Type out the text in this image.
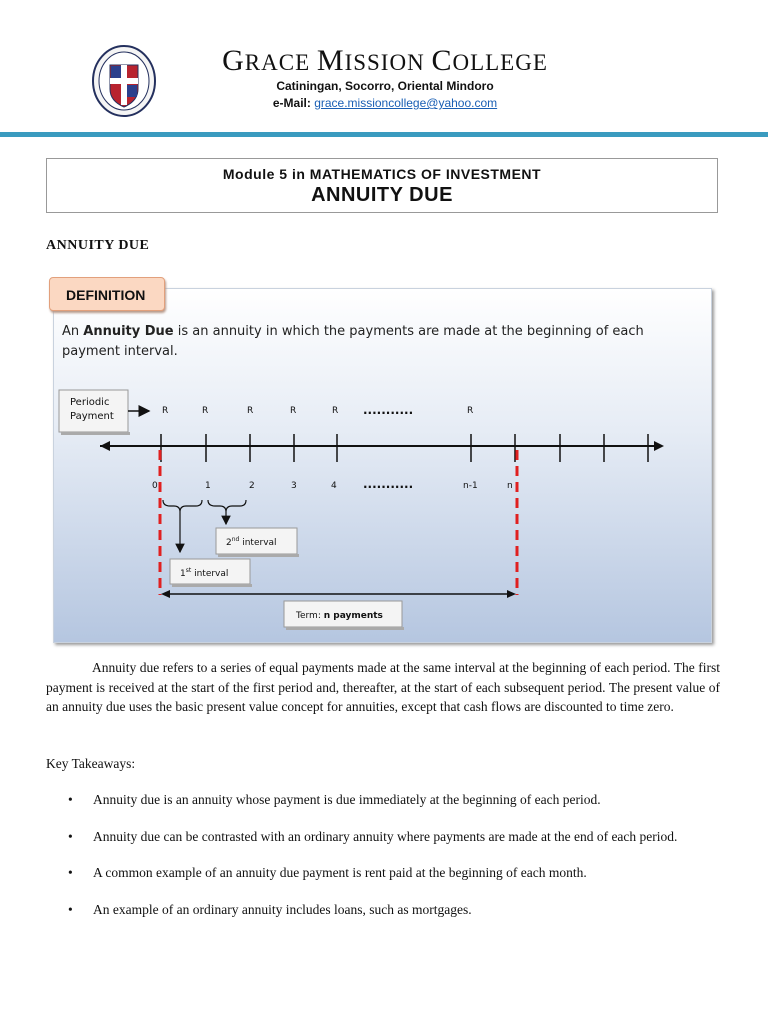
GRACE MISSION COLLEGE
Catiningan, Socorro, Oriental Mindoro
e-Mail: grace.missioncollege@yahoo.com
Module 5 in MATHEMATICS OF INVESTMENT
ANNUITY DUE
ANNUITY DUE
DEFINITION
An Annuity Due is an annuity in which the payments are made at the beginning of each payment interval.
Periodic
Payment	R	R	R	R	R	R
...........
0	1	2	3	4	n-1	n
...........
2nd interval
1st interval
Term: n payments
Annuity due refers to a series of equal payments made at the same interval at the beginning of each period. The first payment is received at the start of the first period and, thereafter, at the start of each subsequent period. The present value of an annuity due uses the basic present value concept for annuities, except that cash flows are discounted to time zero.
Key Takeaways:
• Annuity due is an annuity whose payment is due immediately at the beginning of each period.
• Annuity due can be contrasted with an ordinary annuity where payments are made at the end of each period.
• A common example of an annuity due payment is rent paid at the beginning of each month.
• An example of an ordinary annuity includes loans, such as mortgages.
